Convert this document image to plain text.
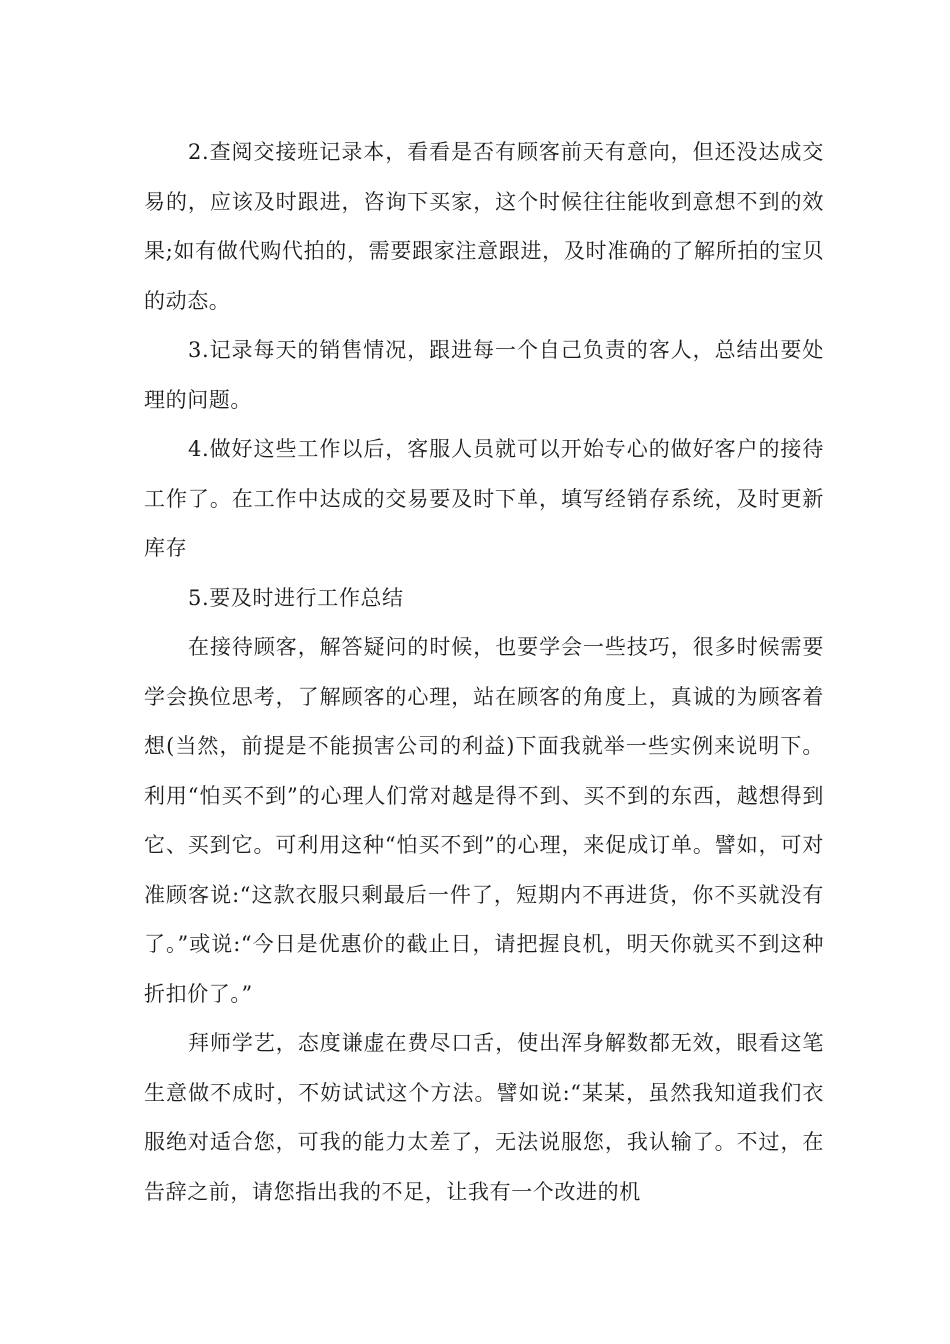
2.查阅交接班记录本，看看是否有顾客前天有意向，但还没达成交易的，应该及时跟进，咨询下买家，这个时候往往能收到意想不到的效果;如有做代购代拍的，需要跟家注意跟进，及时准确的了解所拍的宝贝的动态。

3.记录每天的销售情况，跟进每一个自己负责的客人，总结出要处理的问题。

4.做好这些工作以后，客服人员就可以开始专心的做好客户的接待工作了。在工作中达成的交易要及时下单，填写经销存系统，及时更新库存

5.要及时进行工作总结

在接待顾客，解答疑问的时候，也要学会一些技巧，很多时候需要学会换位思考，了解顾客的心理，站在顾客的角度上，真诚的为顾客着想(当然，前提是不能损害公司的利益)下面我就举一些实例来说明下。利用“怕买不到”的心理人们常对越是得不到、买不到的东西，越想得到它、买到它。可利用这种“怕买不到”的心理，来促成订单。譬如，可对准顾客说:“这款衣服只剩最后一件了，短期内不再进货，你不买就没有了。”或说:“今日是优惠价的截止日，请把握良机，明天你就买不到这种折扣价了。”

拜师学艺，态度谦虚在费尽口舌，使出浑身解数都无效，眼看这笔生意做不成时，不妨试试这个方法。譬如说:“某某，虽然我知道我们衣服绝对适合您，可我的能力太差了，无法说服您，我认输了。不过，在告辞之前，请您指出我的不足，让我有一个改进的机
